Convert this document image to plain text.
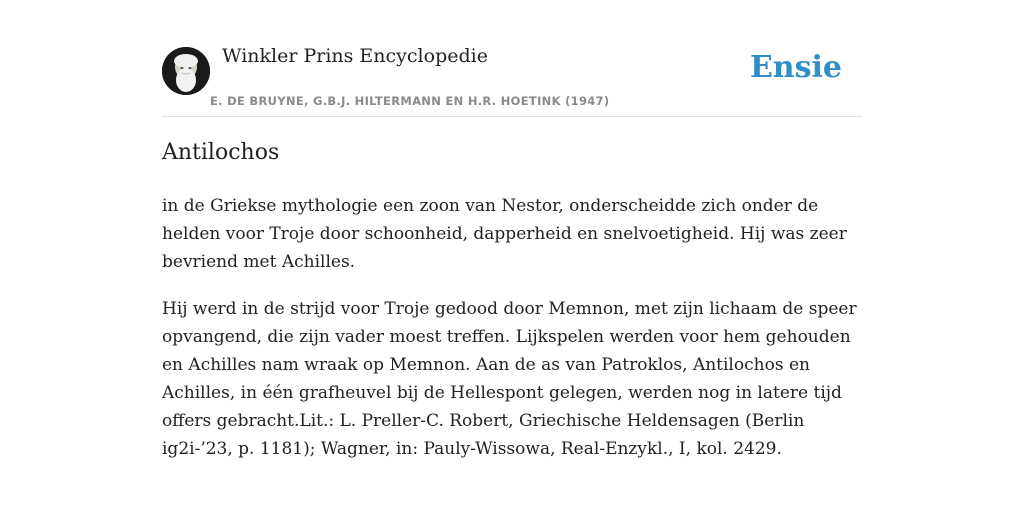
Winkler Prins Encyclopedie
E. DE BRUYNE, G.B.J. HILTERMANN EN H.R. HOETINK (1947)
Ensie
Antilochos

in de Griekse mythologie een zoon van Nestor, onderscheidde zich onder de helden voor Troje door schoonheid, dapperheid en snelvoetigheid. Hij was zeer bevriend met Achilles.

Hij werd in de strijd voor Troje gedood door Memnon, met zijn lichaam de speer opvangend, die zijn vader moest treffen. Lijkspelen werden voor hem gehouden en Achilles nam wraak op Memnon. Aan de as van Patroklos, Antilochos en Achilles, in één grafheuvel bij de Hellespont gelegen, werden nog in latere tijd offers gebracht.Lit.: L. Preller-C. Robert, Griechische Heldensagen (Berlin ig2i-’23, p. 1181); Wagner, in: Pauly-Wissowa, Real-Enzykl., I, kol. 2429.
